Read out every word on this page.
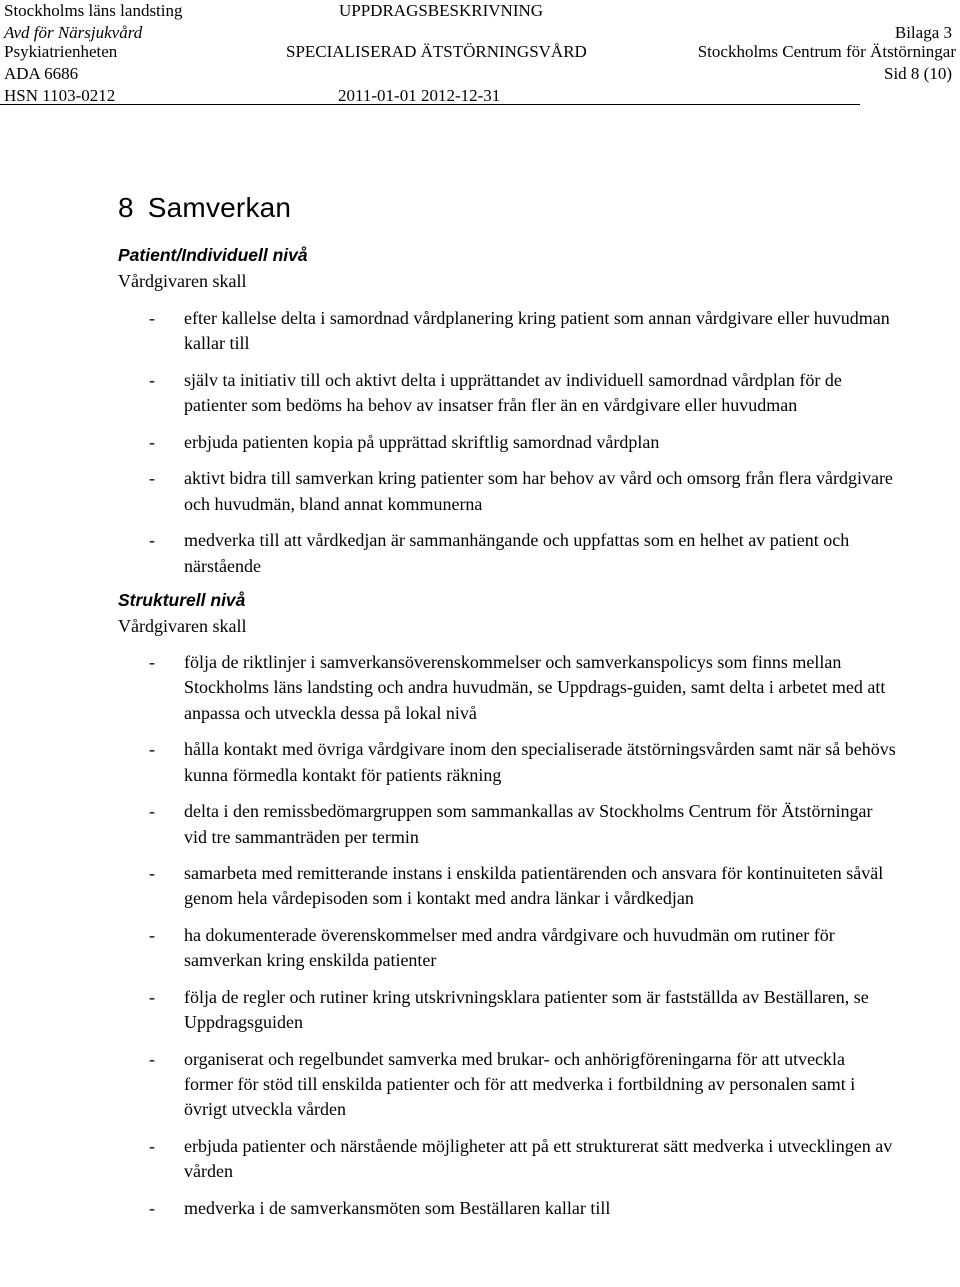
Stockholms läns landsting
Avd för Närsjukvård
Psykiatrienheten
ADA 6686
HSN 1103-0212
UPPDRAGSBESKRIVNING
SPECIALISERAD ÄTSTÖRNINGSVÅRD
2011-01-01 2012-12-31
Bilaga 3
Stockholms Centrum för Ätstörningar
Sid 8 (10)
8 Samverkan

Patient/Individuell nivå

Vårdgivaren skall

- efter kallelse delta i samordnad vårdplanering kring patient som annan vårdgivare eller huvudman kallar till
- själv ta initiativ till och aktivt delta i upprättandet av individuell samordnad vårdplan för de patienter som bedöms ha behov av insatser från fler än en vårdgivare eller huvudman
- erbjuda patienten kopia på upprättad skriftlig samordnad vårdplan
- aktivt bidra till samverkan kring patienter som har behov av vård och omsorg från flera vårdgivare och huvudmän, bland annat kommunerna
- medverka till att vårdkedjan är sammanhängande och uppfattas som en helhet av patient och närstående

Strukturell nivå

Vårdgivaren skall

- följa de riktlinjer i samverkansöverenskommelser och samverkanspolicys som finns mellan Stockholms läns landsting och andra huvudmän, se Uppdrags-guiden, samt delta i arbetet med att anpassa och utveckla dessa på lokal nivå
- hålla kontakt med övriga vårdgivare inom den specialiserade ätstörningsvården samt när så behövs kunna förmedla kontakt för patients räkning
- delta i den remissbedömargruppen som sammankallas av Stockholms Centrum för Ätstörningar vid tre sammanträden per termin
- samarbeta med remitterande instans i enskilda patientärenden och ansvara för kontinuiteten såväl genom hela vårdepisoden som i kontakt med andra länkar i vårdkedjan
- ha dokumenterade överenskommelser med andra vårdgivare och huvudmän om rutiner för samverkan kring enskilda patienter
- följa de regler och rutiner kring utskrivningsklara patienter som är fastställda av Beställaren, se Uppdragsguiden
- organiserat och regelbundet samverka med brukar- och anhörigföreningarna för att utveckla former för stöd till enskilda patienter och för att medverka i fortbildning av personalen samt i övrigt utveckla vården
- erbjuda patienter och närstående möjligheter att på ett strukturerat sätt medverka i utvecklingen av vården
- medverka i de samverkansmöten som Beställaren kallar till
